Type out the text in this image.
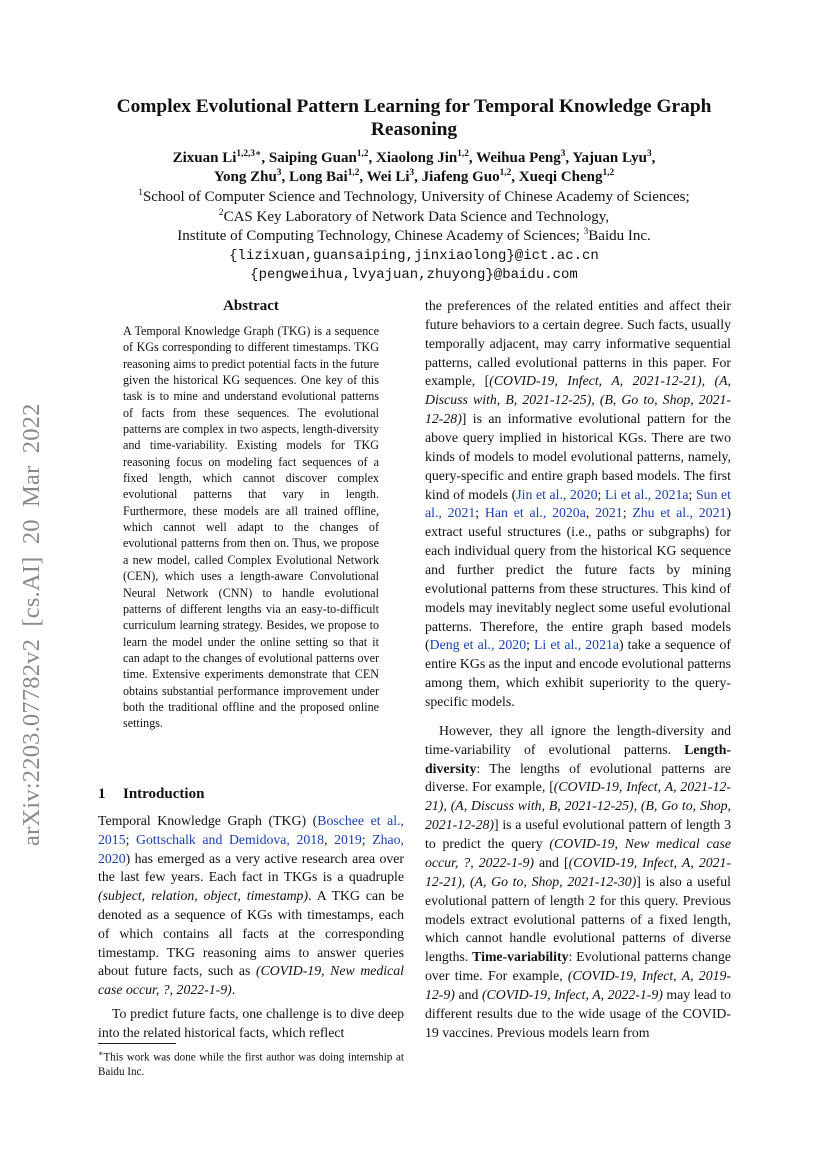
arXiv:2203.07782v2 [cs.AI] 20 Mar 2022
Complex Evolutional Pattern Learning for Temporal Knowledge Graph Reasoning
Zixuan $Li^{1,2,3∗}$, Saiping Guan$^{1,2}$, Xiaolong Jin$^{1,2}$, Weihua Peng$^3$, Yajuan Lyu$^3$,
Yong Zhu$^3$, Long Bai$^{1,2}$, Wei Li$^3$, Jiafeng Guo$^{1,2}$, Xueqi Cheng$^{1,2}$
$^1$School of Computer Science and Technology, University of Chinese Academy of Sciences;
$^2$CAS Key Laboratory of Network Data Science and Technology,
Institute of Computing Technology, Chinese Academy of Sciences; $^3$Baidu Inc.
{lizixuan,guansaiping,jinxiaolong}@ict.ac.cn
{pengweihua,lvyajuan,zhuyong}@baidu.com
Abstract

A Temporal Knowledge Graph (TKG) is a sequence of KGs corresponding to different timestamps. TKG reasoning aims to predict potential facts in the future given the historical KG sequences. One key of this task is to mine and understand evolutional patterns of facts from these sequences. The evolutional patterns are complex in two aspects, length-diversity and time-variability. Existing models for TKG reasoning focus on modeling fact sequences of a fixed length, which cannot discover complex evolutional patterns that vary in length. Furthermore, these models are all trained offline, which cannot well adapt to the changes of evolutional patterns from then on. Thus, we propose a new model, called Complex Evolutional Network (CEN), which uses a length-aware Convolutional Neural Network (CNN) to handle evolutional patterns of different lengths via an easy-to-difficult curriculum learning strategy. Besides, we propose to learn the model under the online setting so that it can adapt to the changes of evolutional patterns over time. Extensive experiments demonstrate that CEN obtains substantial performance improvement under both the traditional offline and the proposed online settings.

1 Introduction

Temporal Knowledge Graph (TKG) (Boschee et al., 2015; Gottschalk and Demidova, 2018, 2019; Zhao, 2020) has emerged as a very active research area over the last few years. Each fact in TKGs is a quadruple (subject, relation, object, timestamp). A TKG can be denoted as a sequence of KGs with timestamps, each of which contains all facts at the corresponding timestamp. TKG reasoning aims to answer queries about future facts, such as (COVID-19, New medical case occur, ?, 2022-1-9).

To predict future facts, one challenge is to dive deep into the related historical facts, which reflect

∗This work was done while the first author was doing internship at Baidu Inc.

the preferences of the related entities and affect their future behaviors to a certain degree. Such facts, usually temporally adjacent, may carry informative sequential patterns, called evolutional patterns in this paper. For example, [(COVID-19, Infect, A, 2021-12-21), (A, Discuss with, B, 2021-12-25), (B, Go to, Shop, 2021-12-28)] is an informative evolutional pattern for the above query implied in historical KGs. There are two kinds of models to model evolutional patterns, namely, query-specific and entire graph based models. The first kind of models (Jin et al., 2020; Li et al., 2021a; Sun et al., 2021; Han et al., 2020a, 2021; Zhu et al., 2021) extract useful structures (i.e., paths or subgraphs) for each individual query from the historical KG sequence and further predict the future facts by mining evolutional patterns from these structures. This kind of models may inevitably neglect some useful evolutional patterns. Therefore, the entire graph based models (Deng et al., 2020; Li et al., 2021a) take a sequence of entire KGs as the input and encode evolutional patterns among them, which exhibit superiority to the query-specific models.

However, they all ignore the length-diversity and time-variability of evolutional patterns. Length-diversity: The lengths of evolutional patterns are diverse. For example, [(COVID-19, Infect, A, 2021-12-21), (A, Discuss with, B, 2021-12-25), (B, Go to, Shop, 2021-12-28)] is a useful evolutional pattern of length 3 to predict the query (COVID-19, New medical case occur, ?, 2022-1-9) and [(COVID-19, Infect, A, 2021-12-21), (A, Go to, Shop, 2021-12-30)] is also a useful evolutional pattern of length 2 for this query. Previous models extract evolutional patterns of a fixed length, which cannot handle evolutional patterns of diverse lengths. Time-variability: Evolutional patterns change over time. For example, (COVID-19, Infect, A, 2019-12-9) and (COVID-19, Infect, A, 2022-1-9) may lead to different results due to the wide usage of the COVID-19 vaccines. Previous models learn from
